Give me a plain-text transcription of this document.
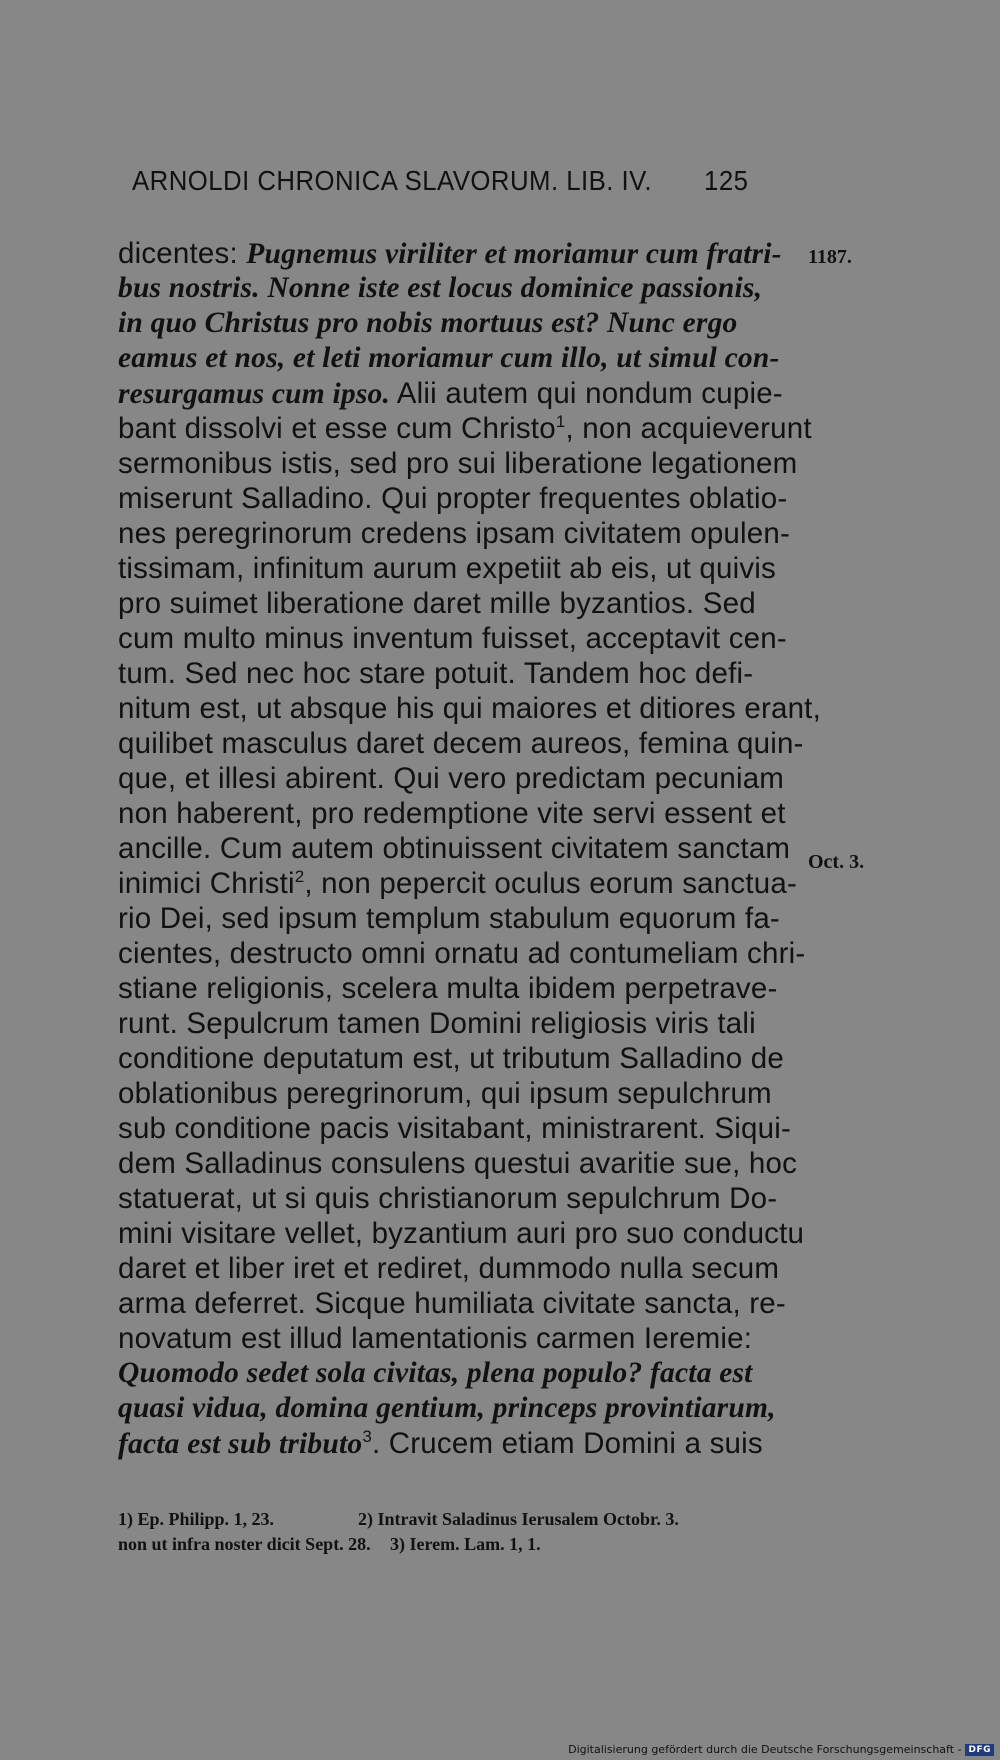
ARNOLDI CHRONICA SLAVORUM. LIB. IV. 125
1187.
Oct. 3.
dicentes: Pugnemus viriliter et moriamur cum fratri-
bus nostris. Nonne iste est locus dominice passionis,
in quo Christus pro nobis mortuus est? Nunc ergo
eamus et nos, et leti moriamur cum illo, ut simul con-
resurgamus cum ipso. Alii autem qui nondum cupie-
bant dissolvi et esse cum Christo$^1$, non acquieverunt
sermonibus istis, sed pro sui liberatione legationem
miserunt Salladino. Qui propter frequentes oblatio-
nes peregrinorum credens ipsam civitatem opulen-
tissimam, infinitum aurum expetiit ab eis, ut quivis
pro suimet liberatione daret mille byzantios. Sed
cum multo minus inventum fuisset, acceptavit cen-
tum. Sed nec hoc stare potuit. Tandem hoc defi-
nitum est, ut absque his qui maiores et ditiores erant,
quilibet masculus daret decem aureos, femina quin-
que, et illesi abirent. Qui vero predictam pecuniam
non haberent, pro redemptione vite servi essent et
ancille. Cum autem obtinuissent civitatem sanctam
inimici Christi$^2$, non pepercit oculus eorum sanctua-
rio Dei, sed ipsum templum stabulum equorum fa-
cientes, destructo omni ornatu ad contumeliam chri-
stiane religionis, scelera multa ibidem perpetrave-
runt. Sepulcrum tamen Domini religiosis viris tali
conditione deputatum est, ut tributum Salladino de
oblationibus peregrinorum, qui ipsum sepulchrum
sub conditione pacis visitabant, ministrarent. Siqui-
dem Salladinus consulens questui avaritie sue, hoc
statuerat, ut si quis christianorum sepulchrum Do-
mini visitare vellet, byzantium auri pro suo conductu
daret et liber iret et rediret, dummodo nulla secum
arma deferret. Sicque humiliata civitate sancta, re-
novatum est illud lamentationis carmen Ieremie:
Quomodo sedet sola civitas, plena populo? facta est
quasi vidua, domina gentium, princeps provintiarum,
facta est sub tributo$^3$. Crucem etiam Domini a suis
1) Ep. Philipp. 1, 23.	2) Intravit Saladinus Ierusalem Octobr. 3.
non ut infra noster dicit Sept. 28.	3) Ierem. Lam. 1, 1.
Digitalisierung gefördert durch die Deutsche Forschungsgemeinschaft - DFG
